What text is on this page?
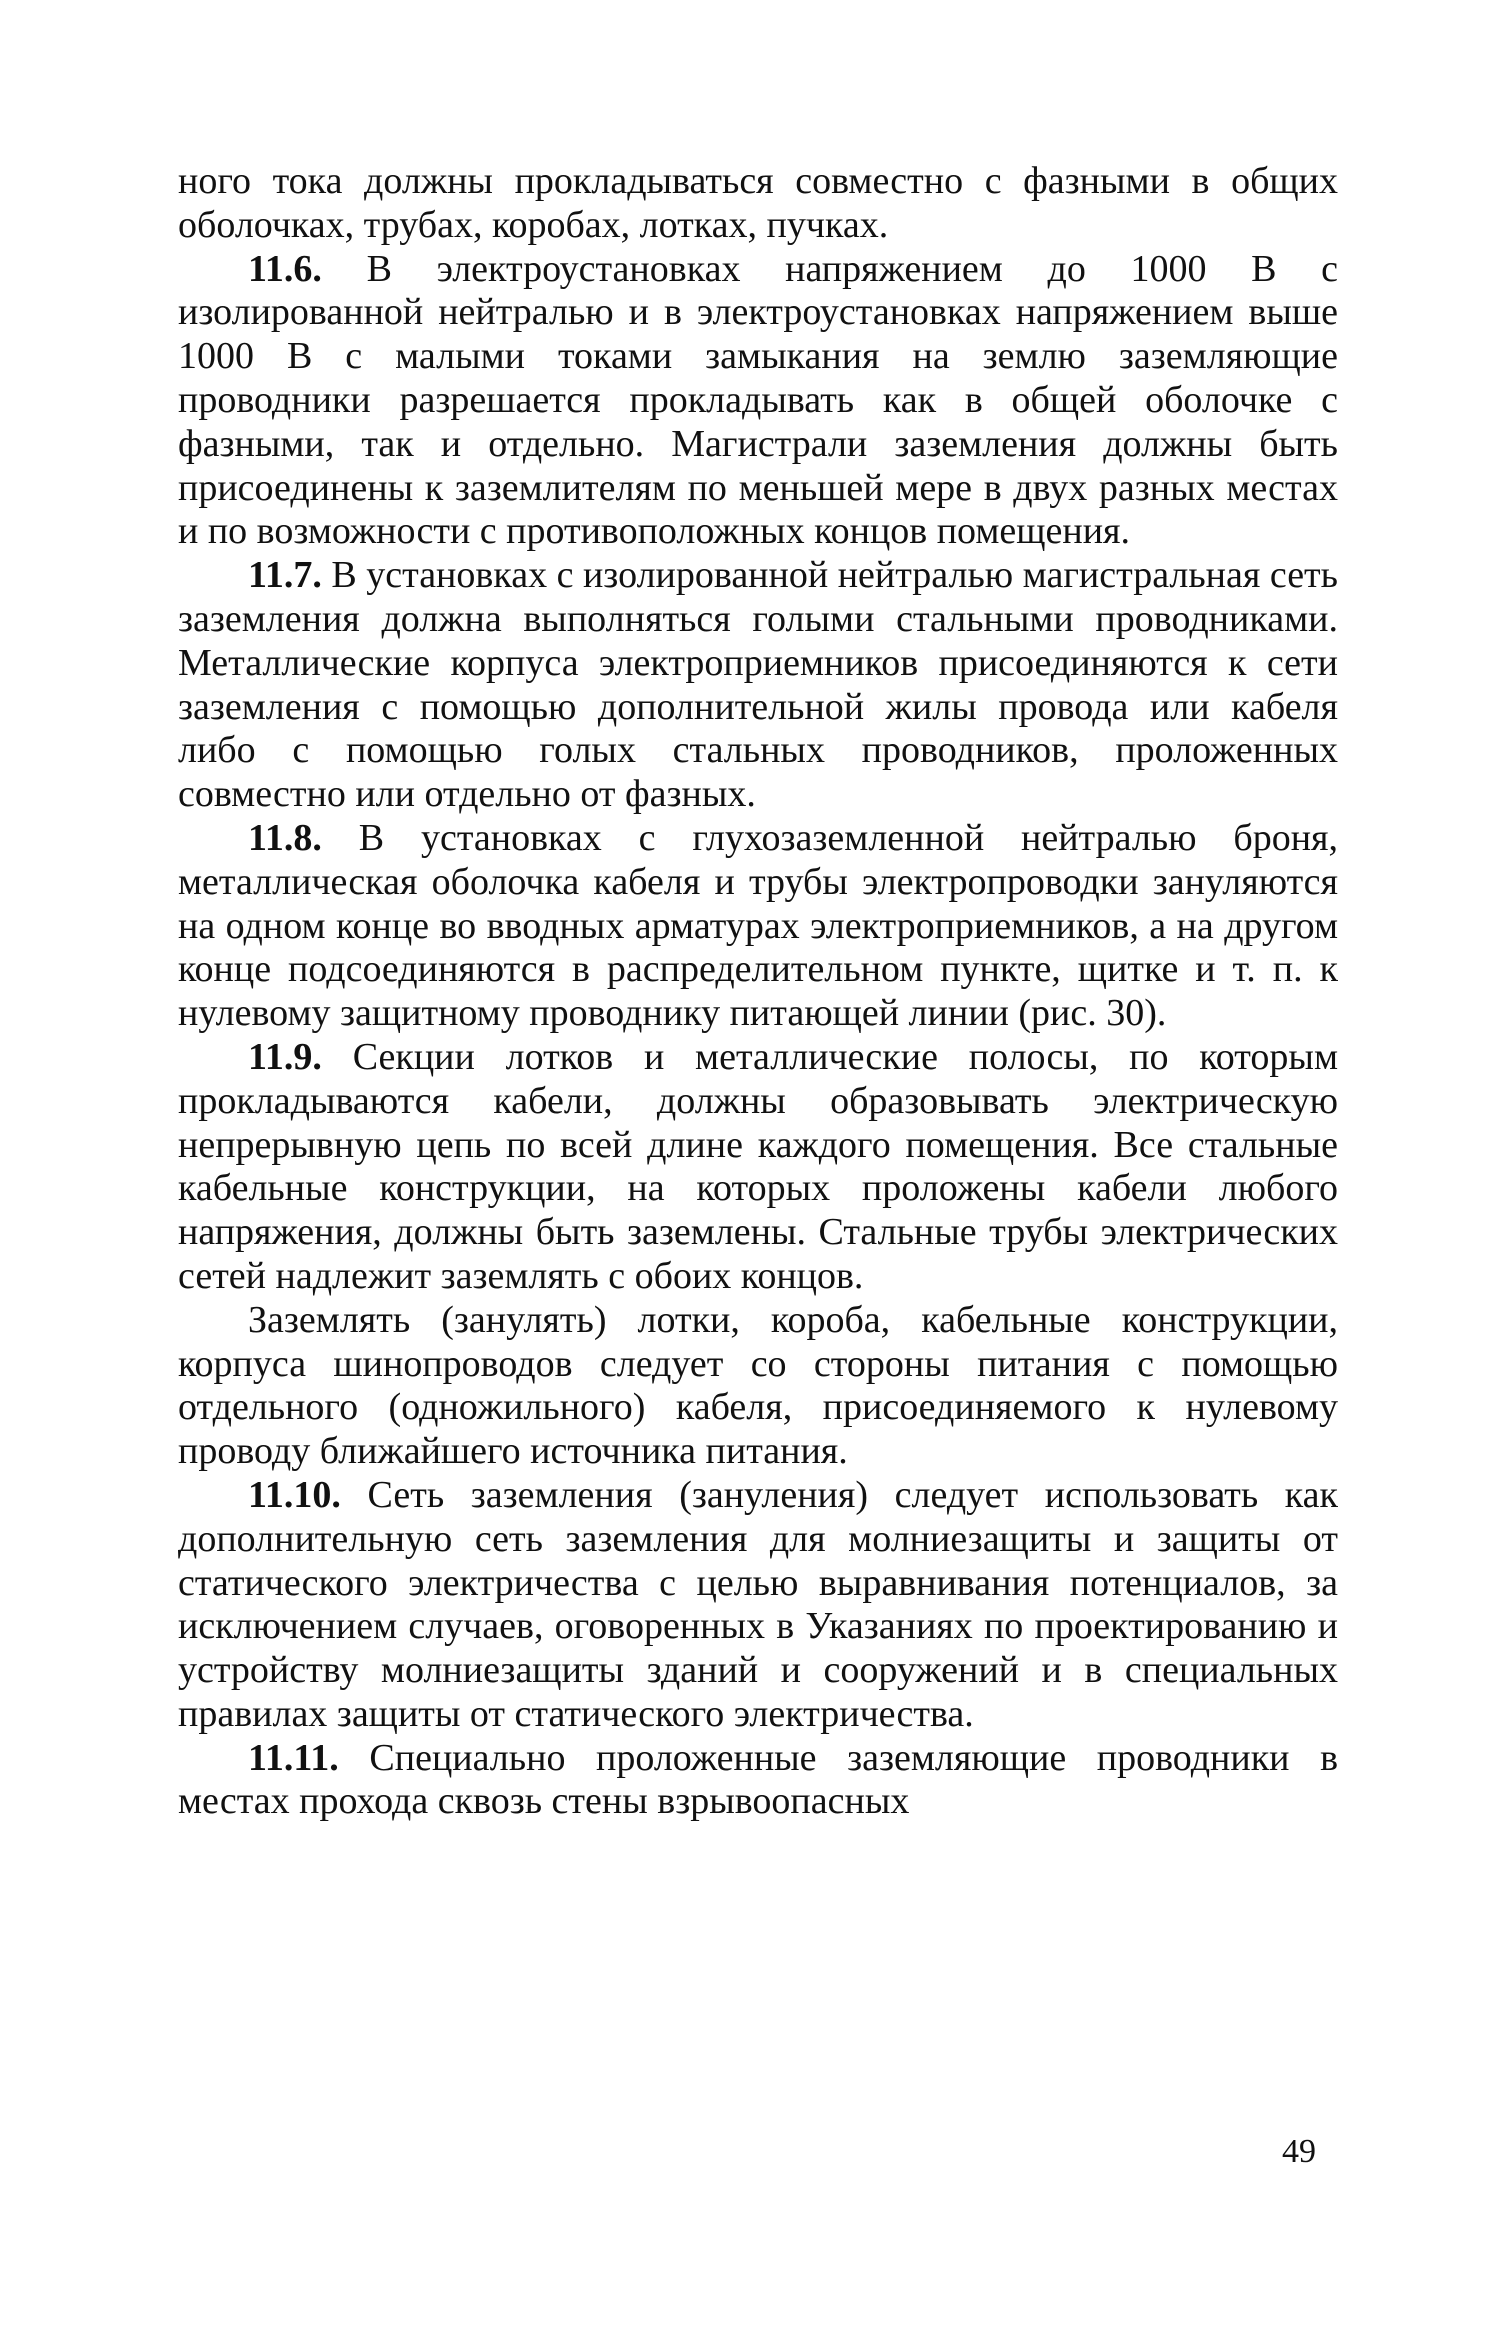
ного тока должны прокладываться совместно с фазными в общих оболочках, трубах, коробах, лотках, пучках.

11.6. В электроустановках напряжением до 1000 В с изолированной нейтралью и в электроустановках напряжением выше 1000 В с малыми токами замыкания на землю заземляющие проводники разрешается прокладывать как в общей оболочке с фазными, так и отдельно. Магистрали заземления должны быть присоединены к заземлителям по меньшей мере в двух разных местах и по возможности с противоположных концов помещения.

11.7. В установках с изолированной нейтралью магистральная сеть заземления должна выполняться голыми стальными проводниками. Металлические корпуса электроприемников присоединяются к сети заземления с помощью дополнительной жилы провода или кабеля либо с помощью голых стальных проводников, проложенных совместно или отдельно от фазных.

11.8. В установках с глухозаземленной нейтралью броня, металлическая оболочка кабеля и трубы электропроводки зануляются на одном конце во вводных арматурах электроприемников, а на другом конце подсоединяются в распределительном пункте, щитке и т. п. к нулевому защитному проводнику питающей линии (рис. 30).

11.9. Секции лотков и металлические полосы, по которым прокладываются кабели, должны образовывать электрическую непрерывную цепь по всей длине каждого помещения. Все стальные кабельные конструкции, на которых проложены кабели любого напряжения, должны быть заземлены. Стальные трубы электрических сетей надлежит заземлять с обоих концов.

Заземлять (занулять) лотки, короба, кабельные конструкции, корпуса шинопроводов следует со стороны питания с помощью отдельного (одножильного) кабеля, присоединяемого к нулевому проводу ближайшего источника питания.

11.10. Сеть заземления (зануления) следует использовать как дополнительную сеть заземления для молниезащиты и защиты от статического электричества с целью выравнивания потенциалов, за исключением случаев, оговоренных в Указаниях по проектированию и устройству молниезащиты зданий и сооружений и в специальных правилах защиты от статического электричества.

11.11. Специально проложенные заземляющие проводники в местах прохода сквозь стены взрывоопасных

49
